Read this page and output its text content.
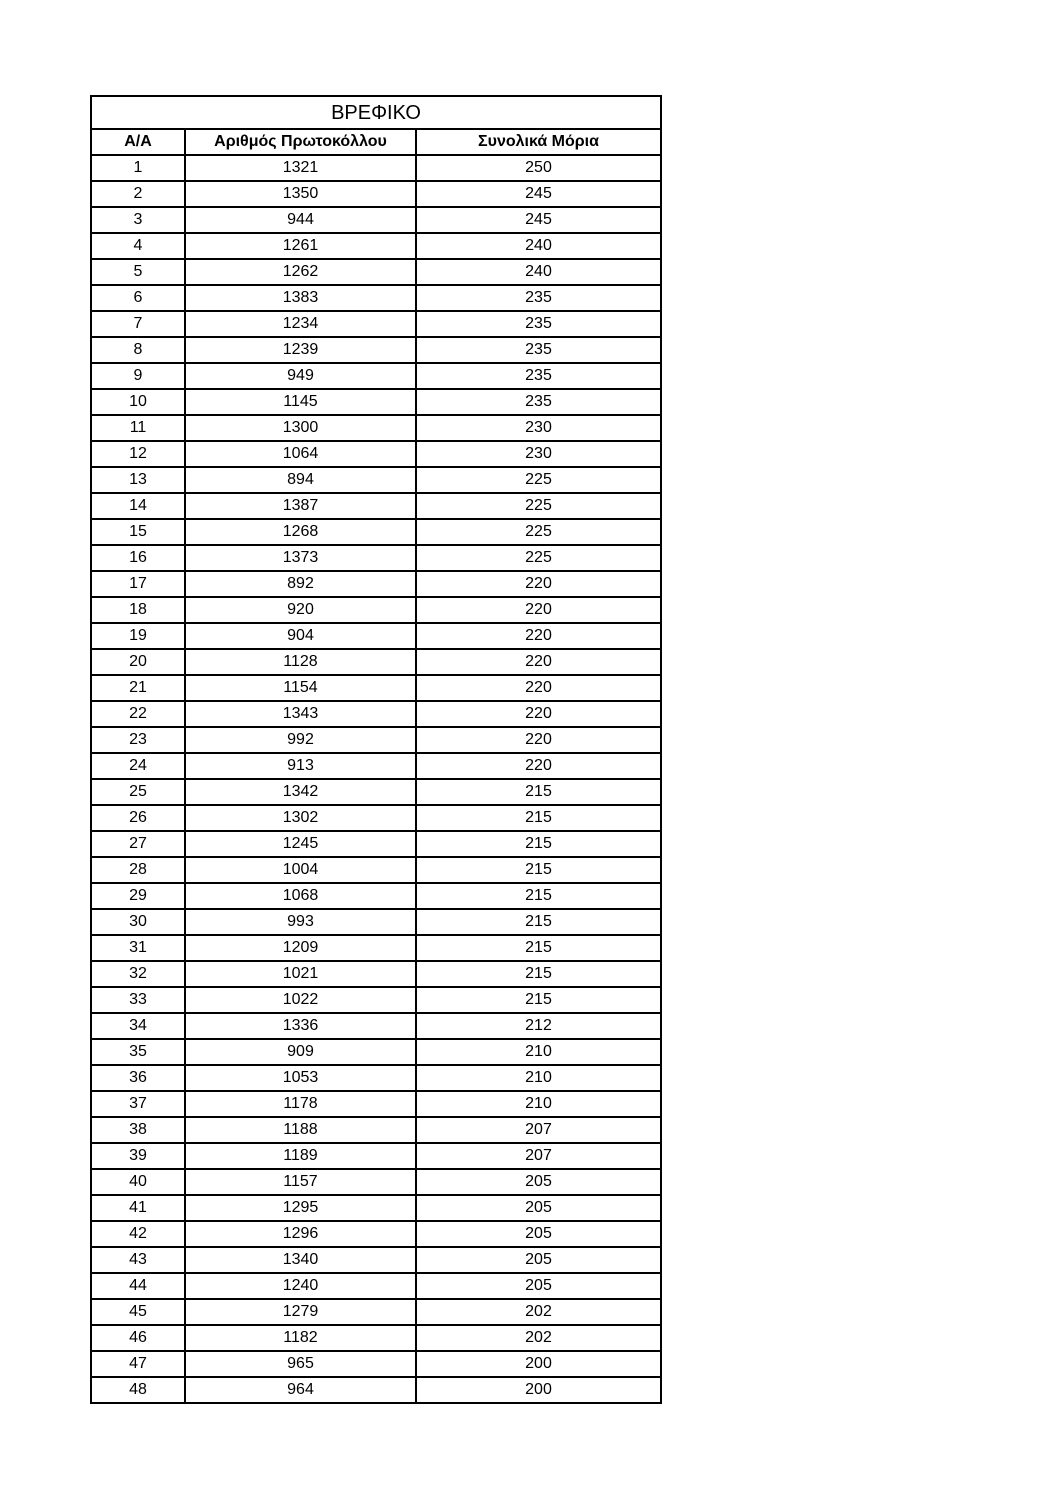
ΒΡΕΦΙΚΟ		
Α/Α	Αριθμός Πρωτοκόλλου	Συνολικά Μόρια
1	1321	250
2	1350	245
3	944	245
4	1261	240
5	1262	240
6	1383	235
7	1234	235
8	1239	235
9	949	235
10	1145	235
11	1300	230
12	1064	230
13	894	225
14	1387	225
15	1268	225
16	1373	225
17	892	220
18	920	220
19	904	220
20	1128	220
21	1154	220
22	1343	220
23	992	220
24	913	220
25	1342	215
26	1302	215
27	1245	215
28	1004	215
29	1068	215
30	993	215
31	1209	215
32	1021	215
33	1022	215
34	1336	212
35	909	210
36	1053	210
37	1178	210
38	1188	207
39	1189	207
40	1157	205
41	1295	205
42	1296	205
43	1340	205
44	1240	205
45	1279	202
46	1182	202
47	965	200
48	964	200
